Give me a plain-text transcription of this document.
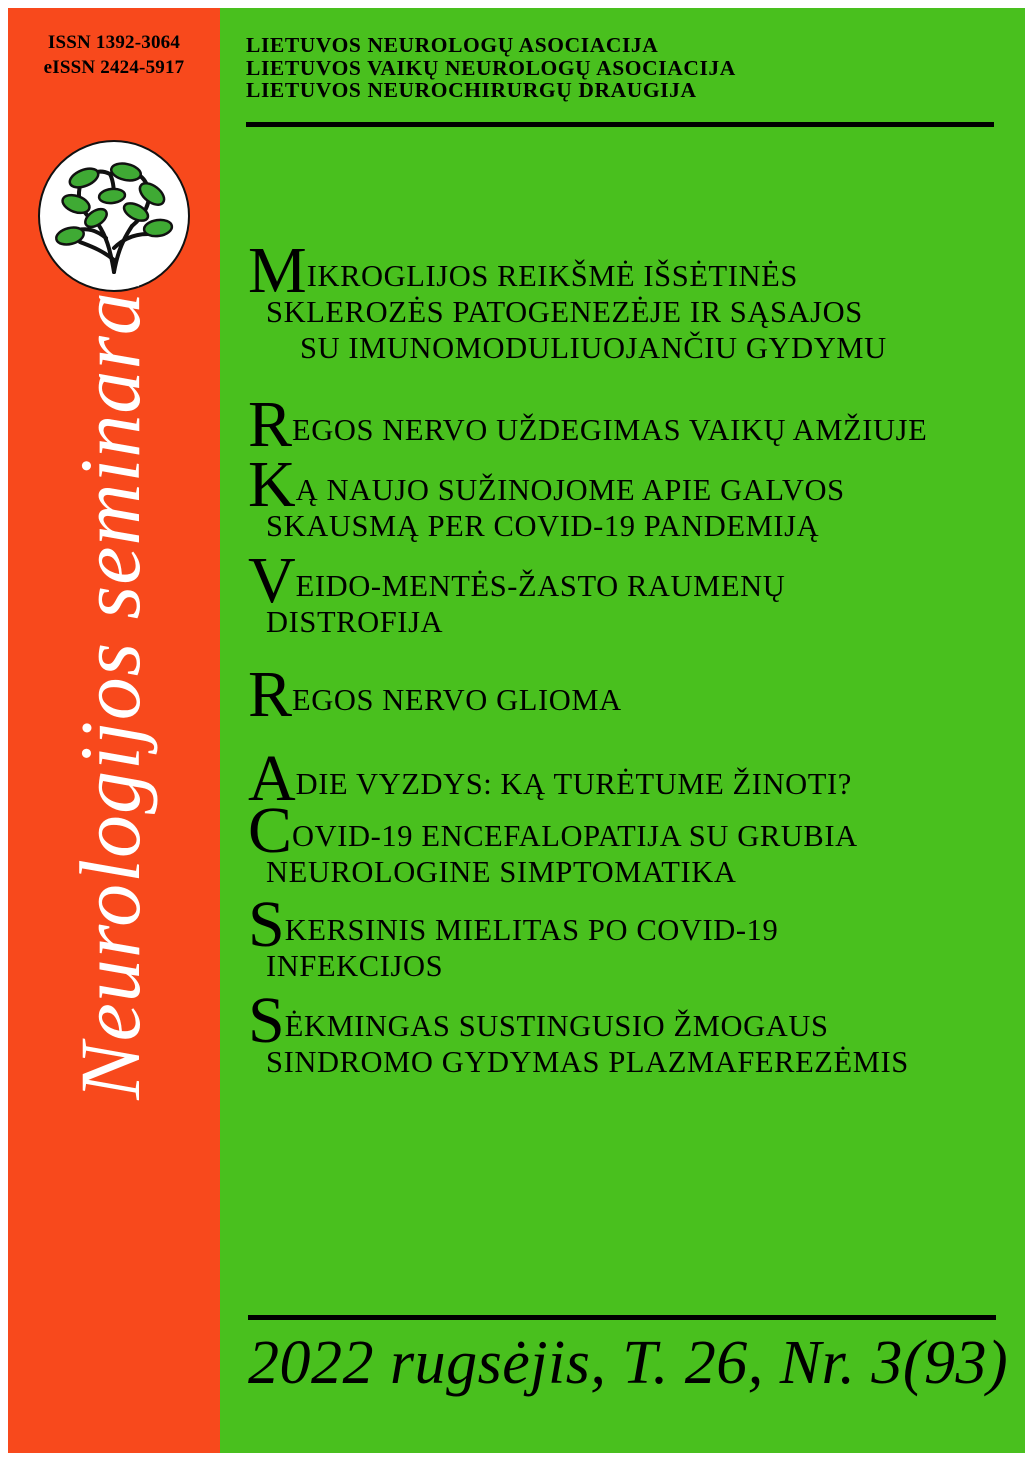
ISSN 1392-3064
eISSN 2424-5917
Neurologijos seminarai
LIETUVOS NEUROLOGŲ ASOCIACIJA
LIETUVOS VAIKŲ NEUROLOGŲ ASOCIACIJA
LIETUVOS NEUROCHIRURGŲ DRAUGIJA

MIKROGLIJOS REIKŠMĖ IŠSĖTINĖS

SKLEROZĖS PATOGENEZĖJE IR SĄSAJOS

SU IMUNOMODULIUOJANČIU GYDYMU

REGOS NERVO UŽDEGIMAS VAIKŲ AMŽIUJE

KĄ NAUJO SUŽINOJOME APIE GALVOS

SKAUSMĄ PER COVID-19 PANDEMIJĄ

VEIDO-MENTĖS-ŽASTO RAUMENŲ

DISTROFIJA

REGOS NERVO GLIOMA

ADIE VYZDYS: KĄ TURĖTUME ŽINOTI?

COVID-19 ENCEFALOPATIJA SU GRUBIA

NEUROLOGINE SIMPTOMATIKA

SKERSINIS MIELITAS PO COVID-19

INFEKCIJOS

SĖKMINGAS SUSTINGUSIO ŽMOGAUS

SINDROMO GYDYMAS PLAZMAFEREZĖMIS

2022 rugsėjis, T. 26, Nr. 3(93)
